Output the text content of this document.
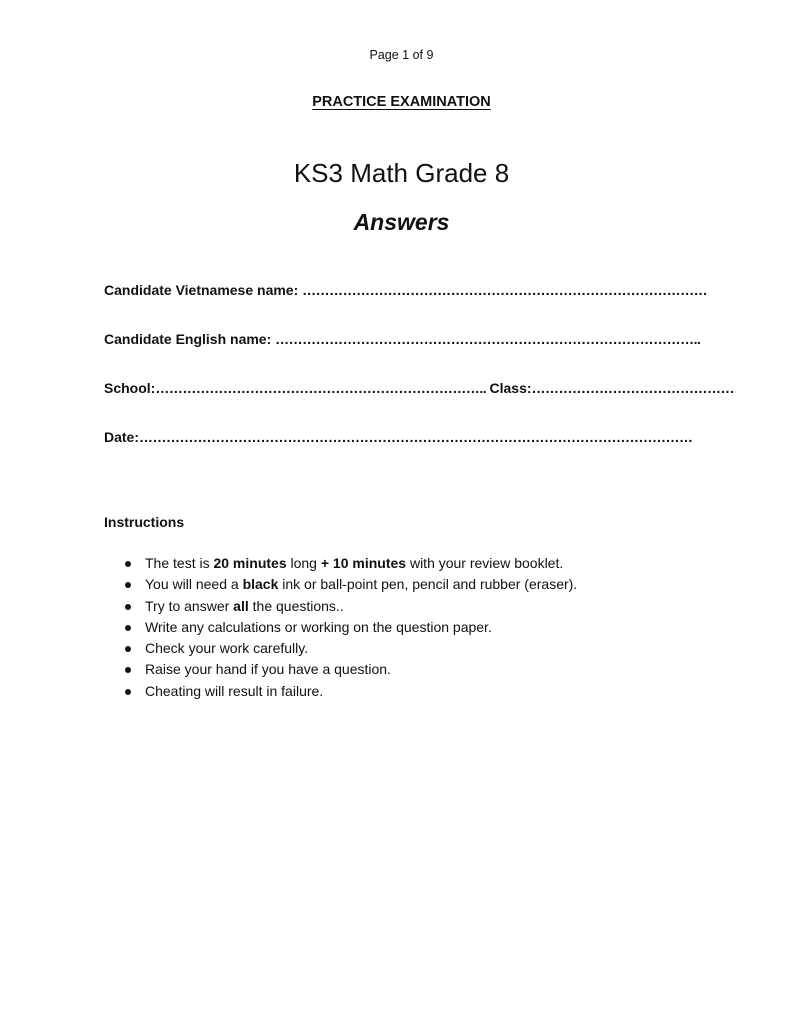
Page 1 of 9
PRACTICE EXAMINATION
KS3 Math Grade 8
Answers
Candidate Vietnamese name: ………………………………………………………………………………
Candidate English name: …………………………………………………………………………………..
School:……………………………………………………………….. Class:………………………………………
Date:……………………………………………………………………………………………………………
Instructions
The test is 20 minutes long + 10 minutes with your review booklet.
You will need a black ink or ball-point pen, pencil and rubber (eraser).
Try to answer all the questions..
Write any calculations or working on the question paper.
Check your work carefully.
Raise your hand if you have a question.
Cheating will result in failure.
